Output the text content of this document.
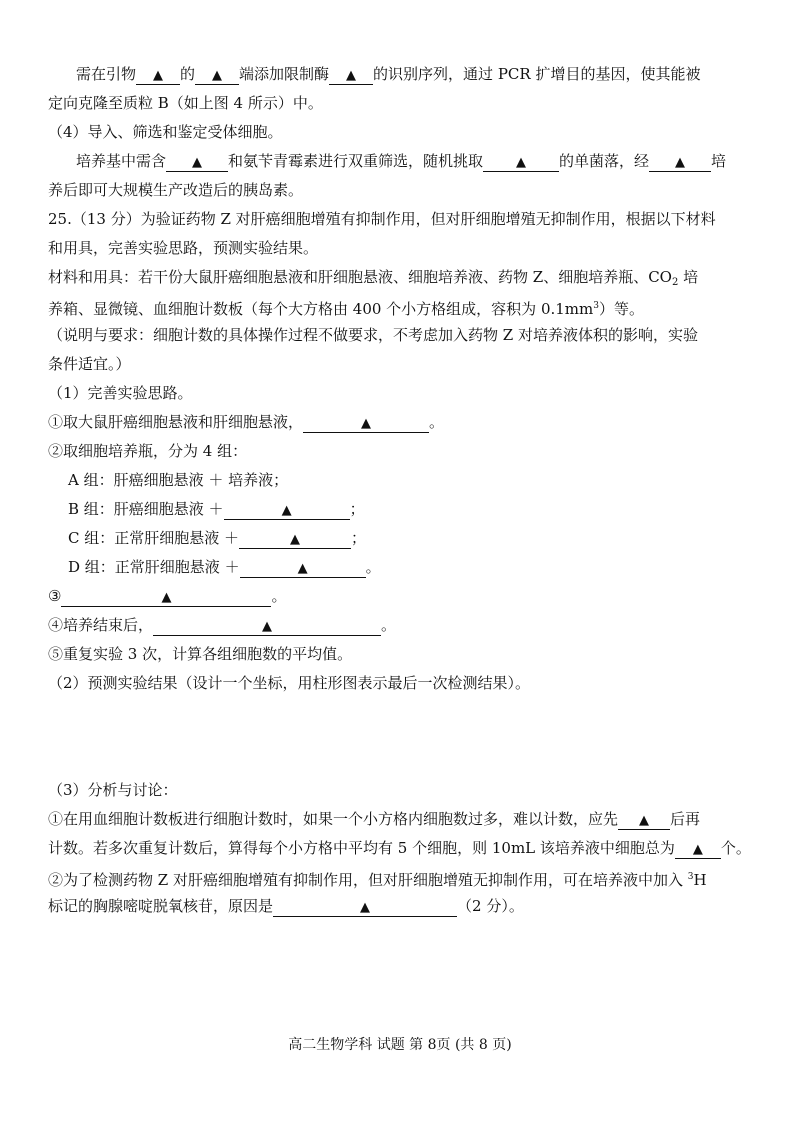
需在引物 ▲ 的 ▲ 端添加限制酶 ▲ 的识别序列，通过 PCR 扩增目的基因，使其能被
定向克隆至质粒 B（如上图 4 所示）中。
（4）导入、筛选和鉴定受体细胞。
培养基中需含 ▲ 和氨苄青霉素进行双重筛选，随机挑取	▲ 的单菌落，经 ▲ 培
养后即可大规模生产改造后的胰岛素。
25.（13 分）为验证药物 Z 对肝癌细胞增殖有抑制作用，但对肝细胞增殖无抑制作用，根据以下材料
和用具，完善实验思路，预测实验结果。
材料和用具：若干份大鼠肝癌细胞悬液和肝细胞悬液、细胞培养液、药物 Z、细胞培养瓶、$CO_2$ 培
养箱、显微镜、血细胞计数板（每个大方格由 400 个小方格组成，容积为 $0.1mm^3$）等。
（说明与要求：细胞计数的具体操作过程不做要求，不考虑加入药物 Z 对培养液体积的影响，实验
条件适宜。）
（1）完善实验思路。
①取大鼠肝癌细胞悬液和肝细胞悬液，	▲	。
②取细胞培养瓶，分为 4 组：
A 组：肝癌细胞悬液 ＋ 培养液；
B 组：肝癌细胞悬液 ＋	▲	；
C 组：正常肝细胞悬液 ＋	▲	；
D 组：正常肝细胞悬液 ＋	▲	。
③	▲	。
④培养结束后，	▲	。
⑤重复实验 3 次，计算各组细胞数的平均值。
（2）预测实验结果（设计一个坐标，用柱形图表示最后一次检测结果）。
（3）分析与讨论：
①在用血细胞计数板进行细胞计数时，如果一个小方格内细胞数过多，难以计数，应先 ▲ 后再
计数。若多次重复计数后，算得每个小方格中平均有 5 个细胞，则 10mL 该培养液中细胞总为 ▲ 个。
②为了检测药物 Z 对肝癌细胞增殖有抑制作用，但对肝细胞增殖无抑制作用，可在培养液中加入 $^3$H
标记的胸腺嘧啶脱氧核苷，原因是	▲	（2 分）。
高二生物学科 试题 第 8页 (共 8 页)
